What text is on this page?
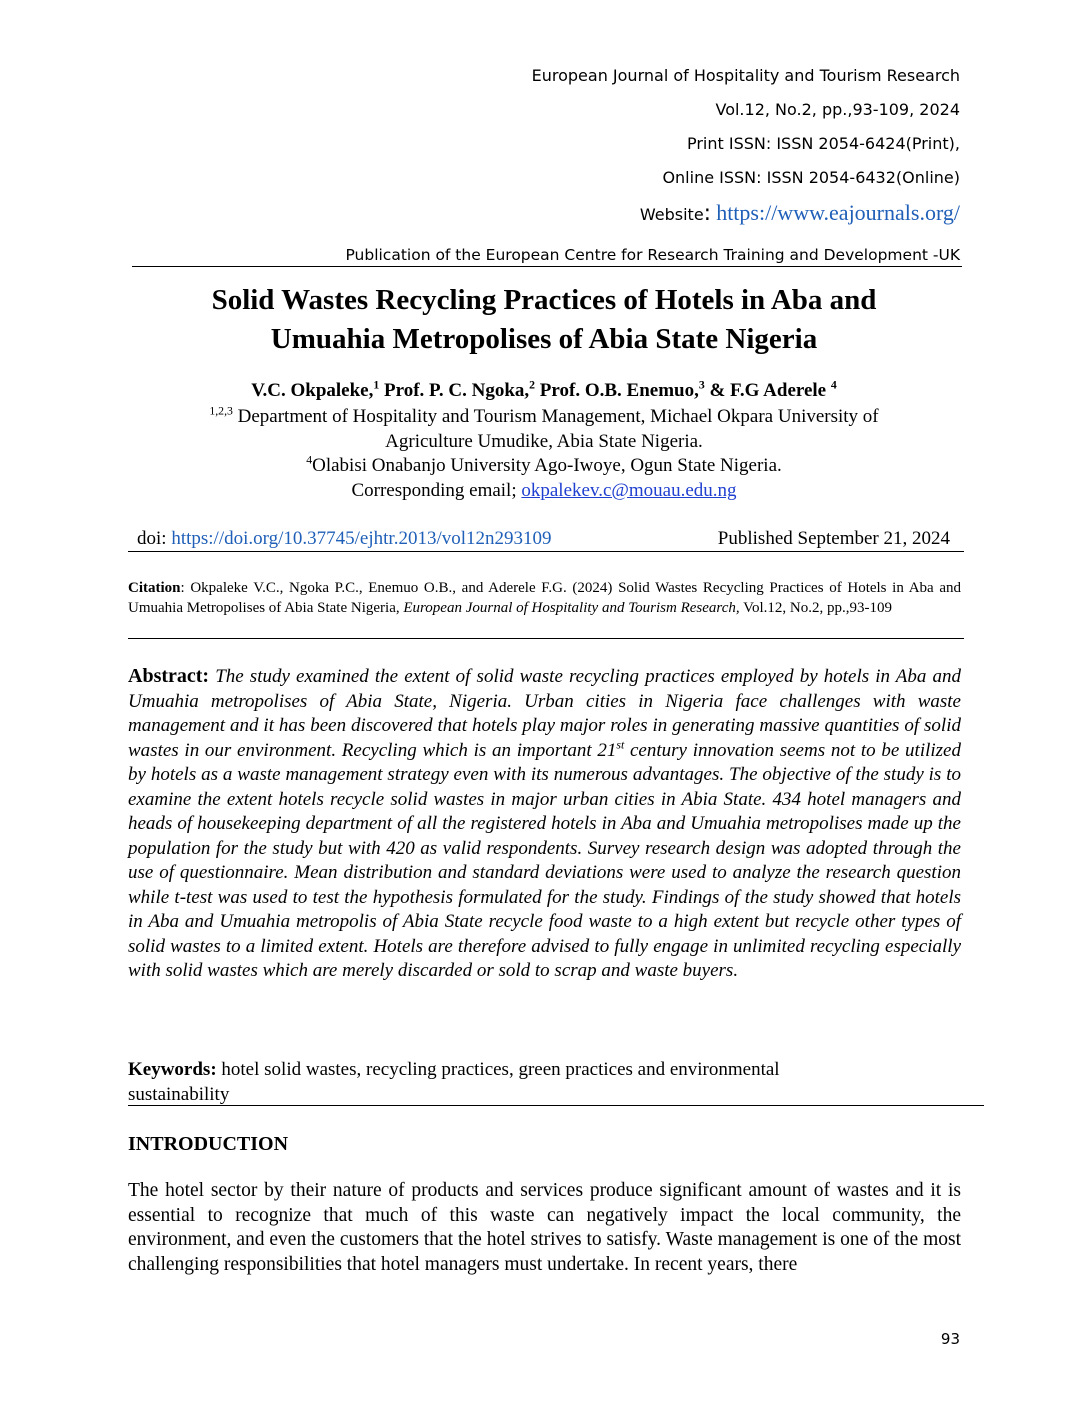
European Journal of Hospitality and Tourism Research
Vol.12, No.2, pp.,93-109, 2024
Print ISSN: ISSN 2054-6424(Print),
Online ISSN: ISSN 2054-6432(Online)
Website: https://www.eajournals.org/
Publication of the European Centre for Research Training and Development -UK
Solid Wastes Recycling Practices of Hotels in Aba and
Umuahia Metropolises of Abia State Nigeria
V.C. Okpaleke,$^1$ Prof. P. C. Ngoka,$^2$ Prof. O.B. Enemuo,$^3$ & F.G Aderele $^4$
$^{1,2,3}$ Department of Hospitality and Tourism Management, Michael Okpara University of
Agriculture Umudike, Abia State Nigeria.
$^4$Olabisi Onabanjo University Ago-Iwoye, Ogun State Nigeria.
Corresponding email; okpalekev.c@mouau.edu.ng
doi: https://doi.org/10.37745/ejhtr.2013/vol12n293109	Published September 21, 2024
Citation: Okpaleke V.C., Ngoka P.C., Enemuo O.B., and Aderele F.G. (2024) Solid Wastes Recycling Practices of Hotels in Aba and Umuahia Metropolises of Abia State Nigeria, European Journal of Hospitality and Tourism Research, Vol.12, No.2, pp.,93-109
Abstract: The study examined the extent of solid waste recycling practices employed by hotels in Aba and Umuahia metropolises of Abia State, Nigeria. Urban cities in Nigeria face challenges with waste management and it has been discovered that hotels play major roles in generating massive quantities of solid wastes in our environment. Recycling which is an important 21st century innovation seems not to be utilized by hotels as a waste management strategy even with its numerous advantages. The objective of the study is to examine the extent hotels recycle solid wastes in major urban cities in Abia State. 434 hotel managers and heads of housekeeping department of all the registered hotels in Aba and Umuahia metropolises made up the population for the study but with 420 as valid respondents. Survey research design was adopted through the use of questionnaire. Mean distribution and standard deviations were used to analyze the research question while t-test was used to test the hypothesis formulated for the study. Findings of the study showed that hotels in Aba and Umuahia metropolis of Abia State recycle food waste to a high extent but recycle other types of solid wastes to a limited extent. Hotels are therefore advised to fully engage in unlimited recycling especially with solid wastes which are merely discarded or sold to scrap and waste buyers.
Keywords: hotel solid wastes, recycling practices, green practices and environmental
sustainability
INTRODUCTION
The hotel sector by their nature of products and services produce significant amount of wastes and it is essential to recognize that much of this waste can negatively impact the local community, the environment, and even the customers that the hotel strives to satisfy. Waste management is one of the most challenging responsibilities that hotel managers must undertake. In recent years, there
93
